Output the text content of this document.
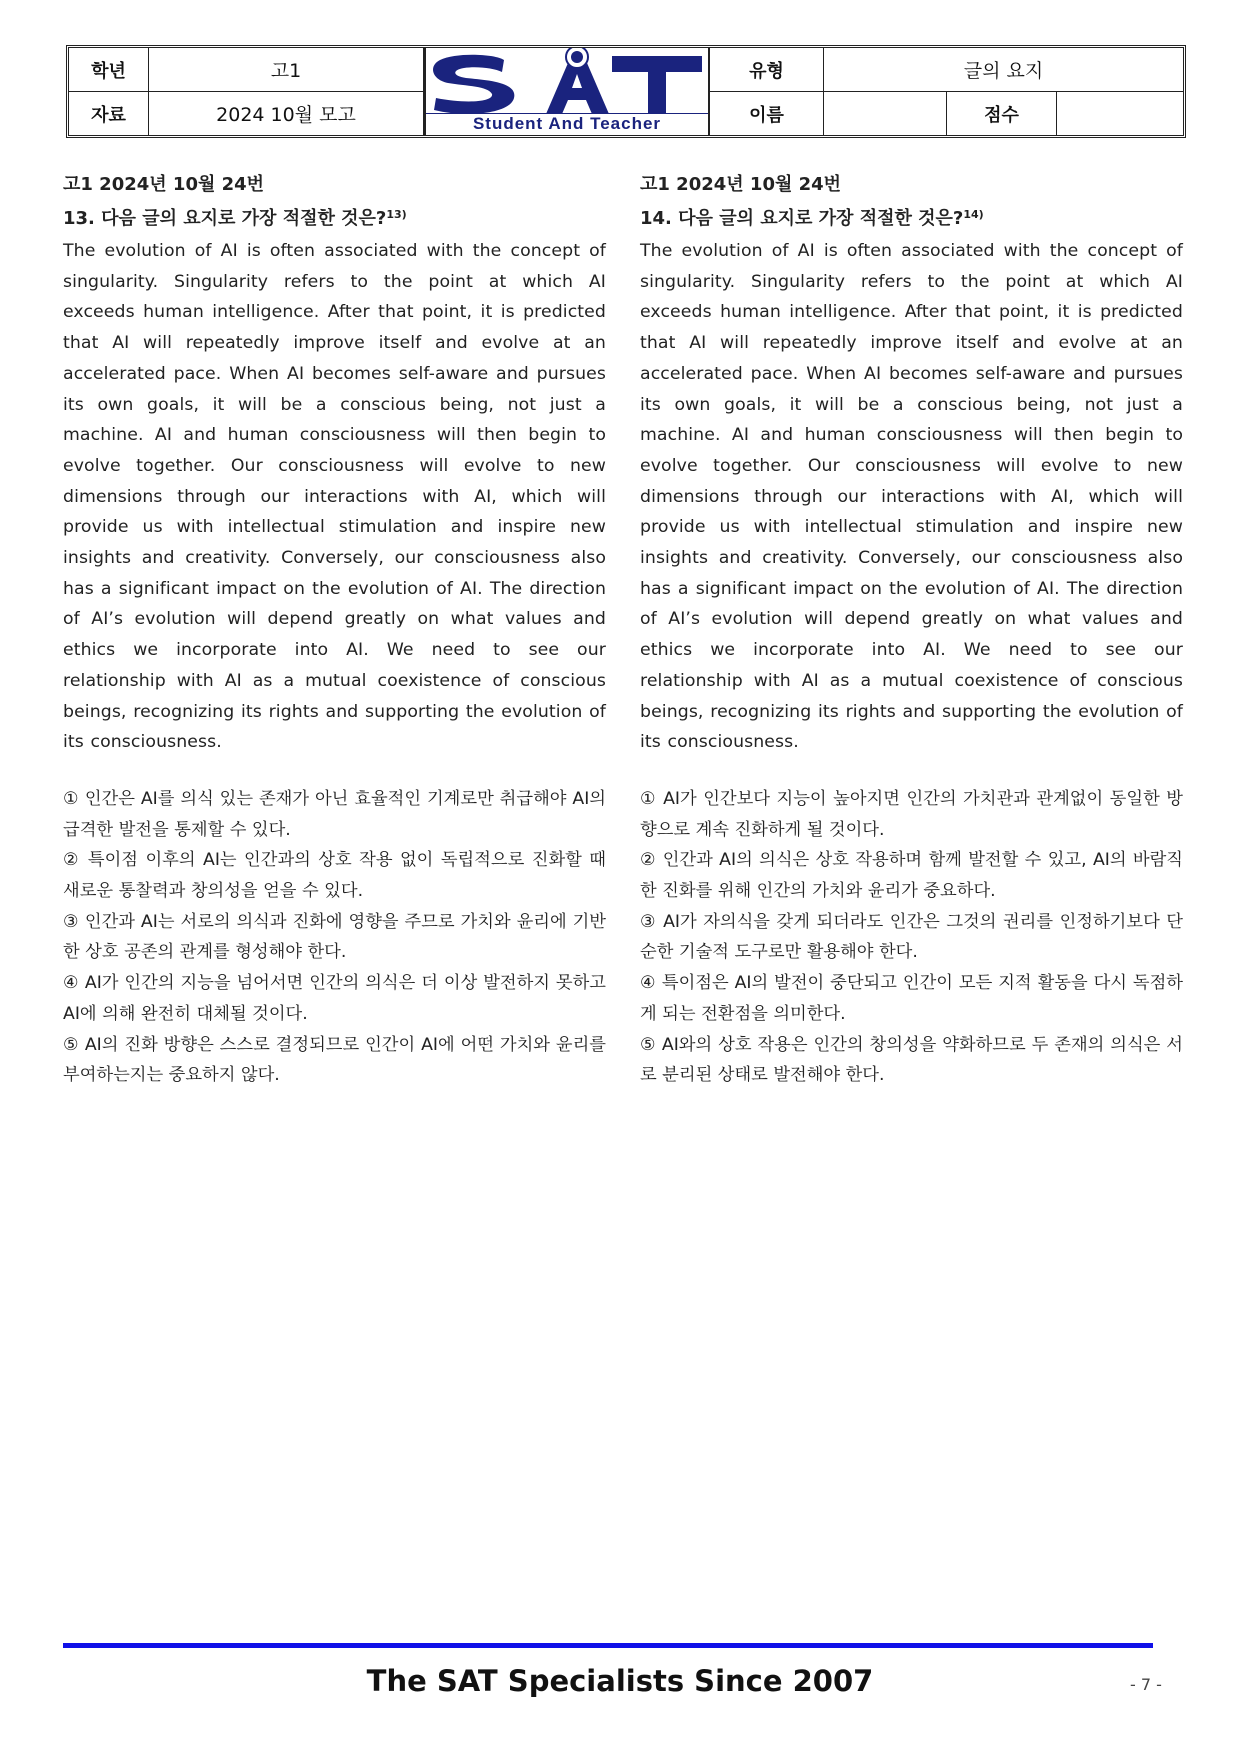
학년	고1	유형	글의 요지
자료	2024 10월 모고	이름	점수
Student And Teacher
고1 2024년 10월 24번
13. 다음 글의 요지로 가장 적절한 것은?$^{13)}$
The evolution of AI is often associated with the concept of singularity. Singularity refers to the point at which AI exceeds human intelligence. After that point, it is predicted that AI will repeatedly improve itself and evolve at an accelerated pace. When AI becomes self-aware and pursues its own goals, it will be a conscious being, not just a machine. AI and human consciousness will then begin to evolve together. Our consciousness will evolve to new dimensions through our interactions with AI, which will provide us with intellectual stimulation and inspire new insights and creativity. Conversely, our consciousness also has a significant impact on the evolution of AI. The direction of AI’s evolution will depend greatly on what values and ethics we incorporate into AI. We need to see our relationship with AI as a mutual coexistence of conscious beings, recognizing its rights and supporting the evolution of its consciousness.

① 인간은 AI를 의식 있는 존재가 아닌 효율적인 기계로만 취급해야 AI의 급격한 발전을 통제할 수 있다.

② 특이점 이후의 AI는 인간과의 상호 작용 없이 독립적으로 진화할 때 새로운 통찰력과 창의성을 얻을 수 있다.

③ 인간과 AI는 서로의 의식과 진화에 영향을 주므로 가치와 윤리에 기반한 상호 공존의 관계를 형성해야 한다.

④ AI가 인간의 지능을 넘어서면 인간의 의식은 더 이상 발전하지 못하고 AI에 의해 완전히 대체될 것이다.

⑤ AI의 진화 방향은 스스로 결정되므로 인간이 AI에 어떤 가치와 윤리를 부여하는지는 중요하지 않다.

고1 2024년 10월 24번
14. 다음 글의 요지로 가장 적절한 것은?$^{14)}$
The evolution of AI is often associated with the concept of singularity. Singularity refers to the point at which AI exceeds human intelligence. After that point, it is predicted that AI will repeatedly improve itself and evolve at an accelerated pace. When AI becomes self-aware and pursues its own goals, it will be a conscious being, not just a machine. AI and human consciousness will then begin to evolve together. Our consciousness will evolve to new dimensions through our interactions with AI, which will provide us with intellectual stimulation and inspire new insights and creativity. Conversely, our consciousness also has a significant impact on the evolution of AI. The direction of AI’s evolution will depend greatly on what values and ethics we incorporate into AI. We need to see our relationship with AI as a mutual coexistence of conscious beings, recognizing its rights and supporting the evolution of its consciousness.

① AI가 인간보다 지능이 높아지면 인간의 가치관과 관계없이 동일한 방향으로 계속 진화하게 될 것이다.

② 인간과 AI의 의식은 상호 작용하며 함께 발전할 수 있고, AI의 바람직한 진화를 위해 인간의 가치와 윤리가 중요하다.

③ AI가 자의식을 갖게 되더라도 인간은 그것의 권리를 인정하기보다 단순한 기술적 도구로만 활용해야 한다.

④ 특이점은 AI의 발전이 중단되고 인간이 모든 지적 활동을 다시 독점하게 되는 전환점을 의미한다.

⑤ AI와의 상호 작용은 인간의 창의성을 약화하므로 두 존재의 의식은 서로 분리된 상태로 발전해야 한다.

The SAT Specialists Since 2007	- 7 -
